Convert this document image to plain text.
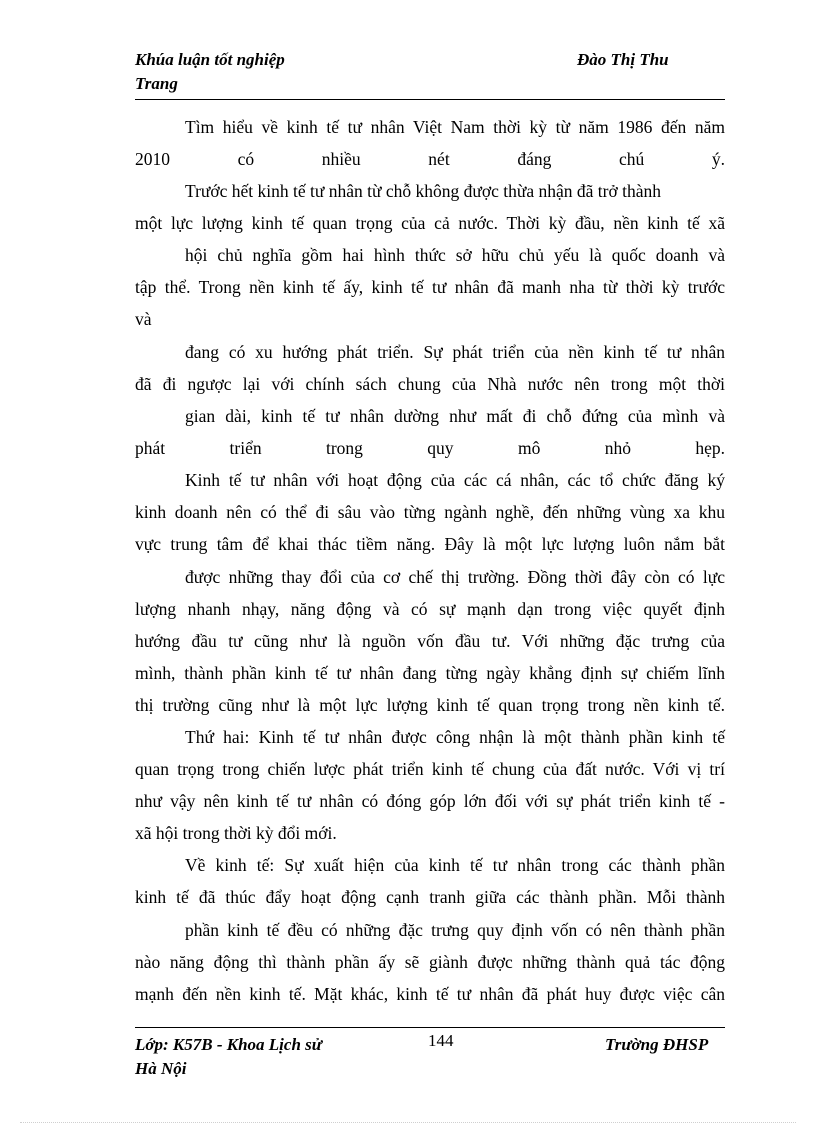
Khúa luận tốt nghiệp
Trang
Đào Thị Thu
Tìm hiểu về kinh tế tư nhân Việt Nam thời kỳ từ năm 1986 đến năm
2010 có nhiều nét đáng chú ý.
Trước hết kinh tế tư nhân từ chỗ không được thừa nhận đã trở thành
một lực lượng kinh tế quan trọng của cả nước. Thời kỳ đầu, nền kinh tế xã
hội chủ nghĩa gồm hai hình thức sở hữu chủ yếu là quốc doanh và
tập thể. Trong nền kinh tế ấy, kinh tế tư nhân đã manh nha từ thời kỳ trước
và
đang có xu hướng phát triển. Sự phát triển của nền kinh tế tư nhân
đã đi ngược lại với chính sách chung của Nhà nước nên trong một thời
gian dài, kinh tế tư nhân dường như mất đi chỗ đứng của mình và
phát triển trong quy mô nhỏ hẹp.
Kinh tế tư nhân với hoạt động của các cá nhân, các tổ chức đăng ký
kinh doanh nên có thể đi sâu vào từng ngành nghề, đến những vùng xa khu
vực trung tâm để khai thác tiềm năng. Đây là một lực lượng luôn nắm bắt
được những thay đổi của cơ chế thị trường. Đồng thời đây còn có lực
lượng nhanh nhạy, năng động và có sự mạnh dạn trong việc quyết định
hướng đầu tư cũng như là nguồn vốn đầu tư. Với những đặc trưng của
mình, thành phần kinh tế tư nhân đang từng ngày khẳng định sự chiếm lĩnh
thị trường cũng như là một lực lượng kinh tế quan trọng trong nền kinh tế.
Thứ hai: Kinh tế tư nhân được công nhận là một thành phần kinh tế
quan trọng trong chiến lược phát triển kinh tế chung của đất nước. Với vị trí
như vậy nên kinh tế tư nhân có đóng góp lớn đối với sự phát triển kinh tế -
xã hội trong thời kỳ đổi mới.
Về kinh tế: Sự xuất hiện của kinh tế tư nhân trong các thành phần
kinh tế đã thúc đẩy hoạt động cạnh tranh giữa các thành phần. Mỗi thành
phần kinh tế đều có những đặc trưng quy định vốn có nên thành phần
nào năng động thì thành phần ấy sẽ giành được những thành quả tác động
mạnh đến nền kinh tế. Mặt khác, kinh tế tư nhân đã phát huy được việc cân
Lớp: K57B - Khoa Lịch sử
Hà Nội
144	Trường ĐHSP
